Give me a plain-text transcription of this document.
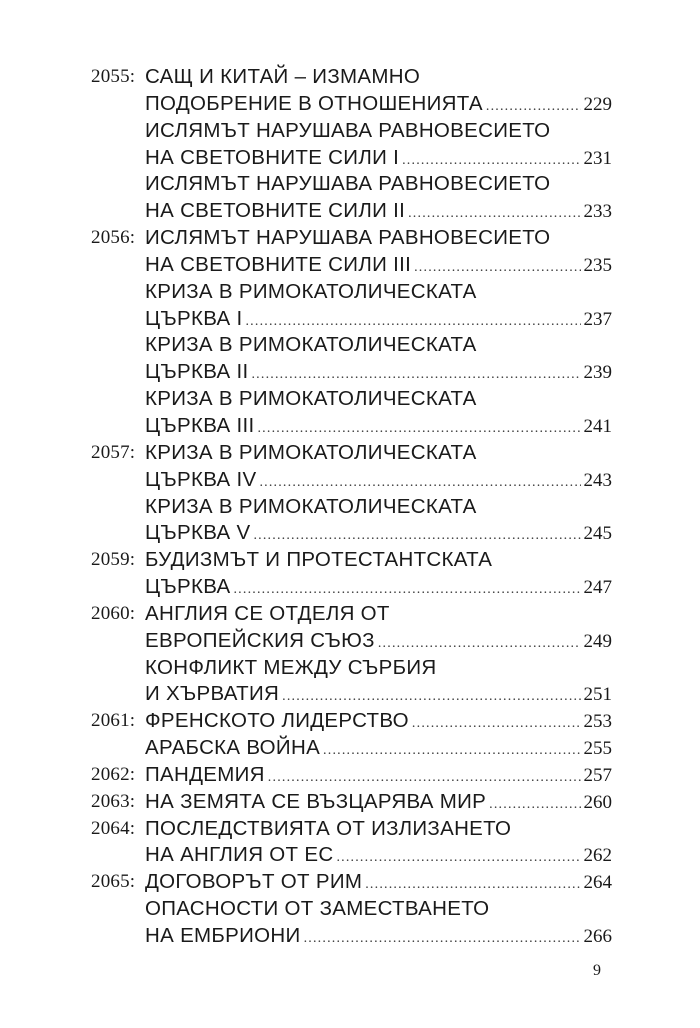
2055: САЩ И КИТАЙ – ИЗМАМНО
ПОДОБРЕНИЕ В ОТНОШЕНИЯТА .....	229
ИСЛЯМЪТ НАРУШАВА РАВНОВЕСИЕТО
НА СВЕТОВНИТЕ СИЛИ I .....	231
ИСЛЯМЪТ НАРУШАВА РАВНОВЕСИЕТО
НА СВЕТОВНИТЕ СИЛИ II .....	233
2056: ИСЛЯМЪТ НАРУШАВА РАВНОВЕСИЕТО
НА СВЕТОВНИТЕ СИЛИ III .....	235
КРИЗА В РИМОКАТОЛИЧЕСКАТА
ЦЪРКВА I .....	237
КРИЗА В РИМОКАТОЛИЧЕСКАТА
ЦЪРКВА II .....	239
КРИЗА В РИМОКАТОЛИЧЕСКАТА
ЦЪРКВА III .....	241
2057: КРИЗА В РИМОКАТОЛИЧЕСКАТА
ЦЪРКВА IV .....	243
КРИЗА В РИМОКАТОЛИЧЕСКАТА
ЦЪРКВА V .....	245
2059: БУДИЗМЪТ И ПРОТЕСТАНТСКАТА
ЦЪРКВА .....	247
2060: АНГЛИЯ СЕ ОТДЕЛЯ ОТ
ЕВРОПЕЙСКИЯ СЪЮЗ .....	249
КОНФЛИКТ МЕЖДУ СЪРБИЯ
И ХЪРВАТИЯ .....	251
2061: ФРЕНСКОТО ЛИДЕРСТВО .....	253
АРАБСКА ВОЙНА .....	255
2062: ПАНДЕМИЯ .....	257
2063: НА ЗЕМЯТА СЕ ВЪЗЦАРЯВА МИР .....	260
2064: ПОСЛЕДСТВИЯТА ОТ ИЗЛИЗАНЕТО
НА АНГЛИЯ ОТ ЕС .....	262
2065: ДОГОВОРЪТ ОТ РИМ .....	264
ОПАСНОСТИ ОТ ЗАМЕСТВАНЕТО
НА ЕМБРИОНИ .....	266
9
